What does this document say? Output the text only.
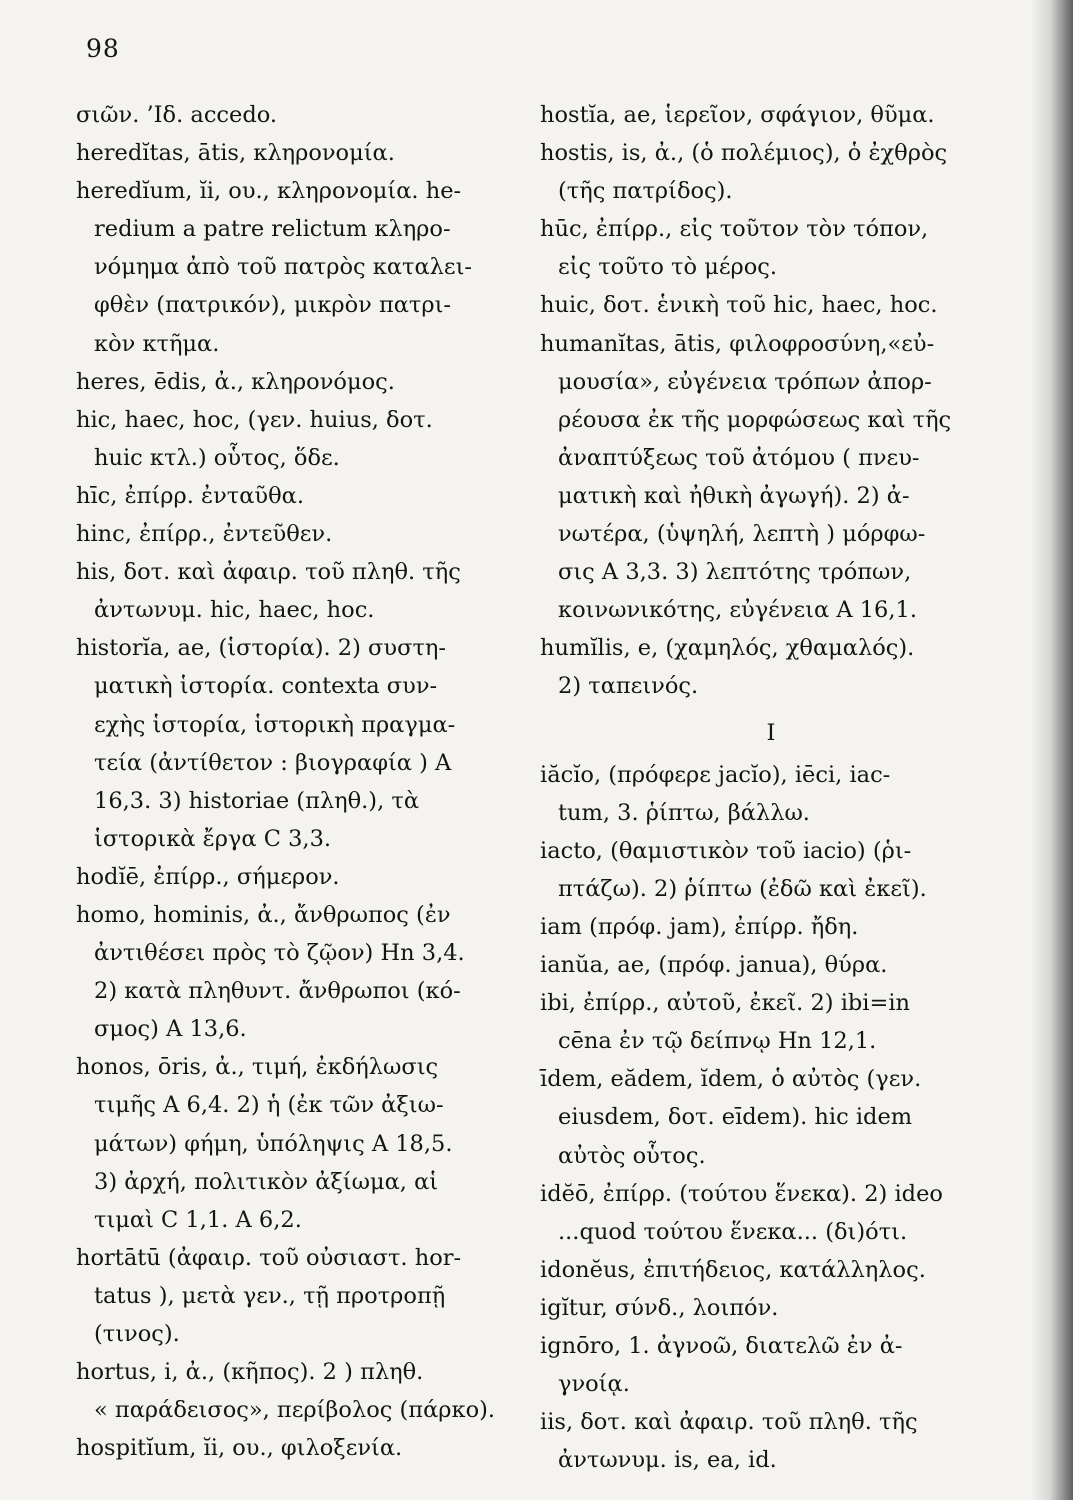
98
σιῶν. ’Ιδ. accedo.
heredĭtas, ātis, κληρονομία.
heredĭum, ĭi, ου., κληρονομία. he-
redium a patre relictum κληρο-
νόμημα ἀπὸ τοῦ πατρὸς καταλει-
φθὲν (πατρικόν), μικρὸν πατρι-
κὸν κτῆμα.
heres, ēdis, ἀ., κληρονόμος.
hic, haec, hoc, (γεν. huius, δοτ.
huic κτλ.) οὗτος, ὅδε.
hīc, ἐπίρρ. ἐνταῦθα.
hinc, ἐπίρρ., ἐντεῦθεν.
his, δοτ. καὶ ἀφαιρ. τοῦ πληθ. τῆς
ἀντωνυμ. hic, haec, hoc.
historĭa, ae, (ἱστορία). 2) συστη-
ματικὴ ἱστορία. contexta συν-
εχὴς ἱστορία, ἱστορικὴ πραγμα-
τεία (ἀντίθετον : βιογραφία ) A
16,3. 3) historiae (πληθ.), τὰ
ἱστορικὰ ἔργα C 3,3.
hodĭē, ἐπίρρ., σήμερον.
homo, hominis, ἀ., ἄνθρωπος (ἐν
ἀντιθέσει πρὸς τὸ ζῷον) Hn 3,4.
2) κατὰ πληθυντ. ἄνθρωποι (κό-
σμος) A 13,6.
honos, ōris, ἀ., τιμή, ἐκδήλωσις
τιμῆς A 6,4. 2) ἡ (ἐκ τῶν ἀξιω-
μάτων) φήμη, ὑπόληψις A 18,5.
3) ἀρχή, πολιτικὸν ἀξίωμα, αἱ
τιμαὶ C 1,1. A 6,2.
hortātū (ἀφαιρ. τοῦ οὐσιαστ. hor-
tatus ), μετὰ γεν., τῇ προτροπῇ
(τινος).
hortus, i, ἀ., (κῆπος). 2 ) πληθ.
« παράδεισος», περίβολος (πάρκο).
hospitĭum, ĭi, ου., φιλοξενία.
hostĭa, ae, ἱερεῖον, σφάγιον, θῦμα.
hostis, is, ἀ., (ὁ πολέμιος), ὁ ἐχθρὸς
(τῆς πατρίδος).
hūc, ἐπίρρ., εἰς τοῦτον τὸν τόπον,
εἰς τοῦτο τὸ μέρος.
huic, δοτ. ἑνικὴ τοῦ hic, haec, hoc.
humanĭtas, ātis, φιλοφροσύνη,«εὐ-
μουσία», εὐγένεια τρόπων ἀπορ-
ρέουσα ἐκ τῆς μορφώσεως καὶ τῆς
ἀναπτύξεως τοῦ ἀτόμου ( πνευ-
ματικὴ καὶ ἠθικὴ ἀγωγή). 2) ἀ-
νωτέρα, (ὑψηλή, λεπτὴ ) μόρφω-
σις A 3,3. 3) λεπτότης τρόπων,
κοινωνικότης, εὐγένεια A 16,1.
humĭlis, e, (χαμηλός, χθαμαλός).
2) ταπεινός.
I
iăcĭo, (πρόφερε jacĭo), iēci, iac-
tum, 3. ῥίπτω, βάλλω.
iacto, (θαμιστικὸν τοῦ iacio) (ῥι-
πτάζω). 2) ῥίπτω (ἐδῶ καὶ ἐκεῖ).
iam (πρόφ. jam), ἐπίρρ. ἤδη.
ianŭa, ae, (πρόφ. janua), θύρα.
ibi, ἐπίρρ., αὐτοῦ, ἐκεῖ. 2) ibi=in
cēna ἐν τῷ δείπνῳ Hn 12,1.
īdem, eădem, ĭdem, ὁ αὐτὸς (γεν.
eiusdem, δοτ. eīdem). hic idem
αὐτὸς οὗτος.
idĕō, ἐπίρρ. (τούτου ἕνεκα). 2) ideo
...quod τούτου ἕνεκα... (δι)ότι.
idonĕus, ἐπιτήδειος, κατάλληλος.
igĭtur, σύνδ., λοιπόν.
ignōro, 1. ἀγνοῶ, διατελῶ ἐν ἀ-
γνοίᾳ.
iis, δοτ. καὶ ἀφαιρ. τοῦ πληθ. τῆς
ἀντωνυμ. is, ea, id.
